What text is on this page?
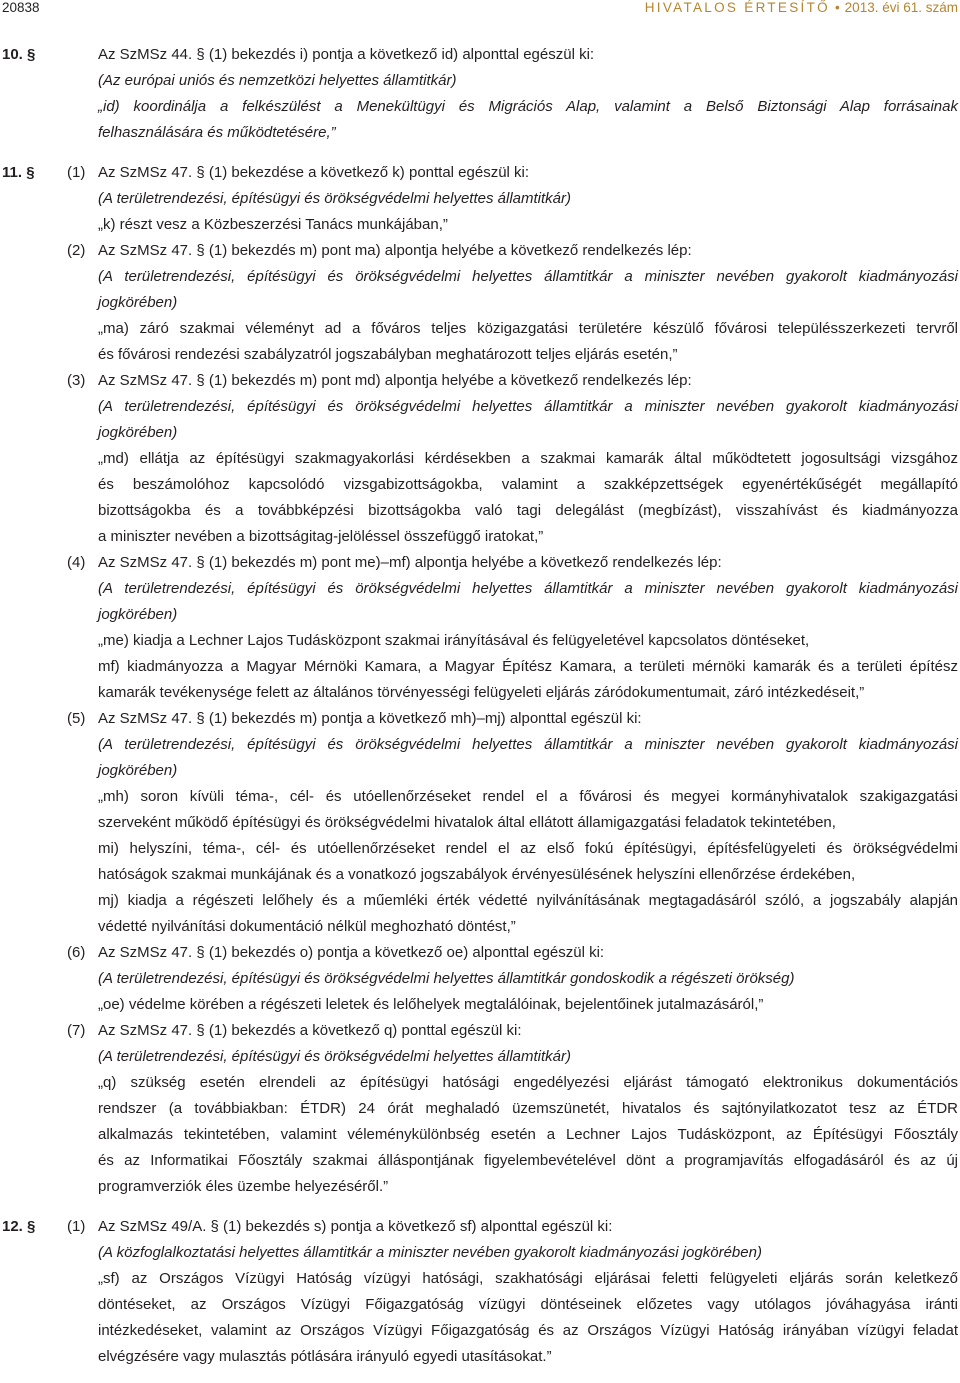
20838	HIVATALOS ÉRTESÍTŐ • 2013. évi 61. szám
10. §	Az SzMSz 44. § (1) bekezdés i) pontja a következő id) alponttal egészül ki:
(Az európai uniós és nemzetközi helyettes államtitkár)
„id) koordinálja a felkészülést a Menekültügyi és Migrációs Alap, valamint a Belső Biztonsági Alap forrásainak
felhasználására és működtetésére,”
11. §	(1) Az SzMSz 47. § (1) bekezdése a következő k) ponttal egészül ki:
(A területrendezési, építésügyi és örökségvédelmi helyettes államtitkár)
„k) részt vesz a Közbeszerzési Tanács munkájában,”
(2) Az SzMSz 47. § (1) bekezdés m) pont ma) alpontja helyébe a következő rendelkezés lép:
(A területrendezési, építésügyi és örökségvédelmi helyettes államtitkár a miniszter nevében gyakorolt kiadmányozási
jogkörében)
„ma) záró szakmai véleményt ad a főváros teljes közigazgatási területére készülő fővárosi településszerkezeti tervről
és fővárosi rendezési szabályzatról jogszabályban meghatározott teljes eljárás esetén,”
(3) Az SzMSz 47. § (1) bekezdés m) pont md) alpontja helyébe a következő rendelkezés lép:
(A területrendezési, építésügyi és örökségvédelmi helyettes államtitkár a miniszter nevében gyakorolt kiadmányozási
jogkörében)
„md) ellátja az építésügyi szakmagyakorlási kérdésekben a szakmai kamarák által működtetett jogosultsági vizsgához
és beszámolóhoz kapcsolódó vizsgabizottságokba, valamint a szakképzettségek egyenértékűségét megállapító
bizottságokba és a továbbképzési bizottságokba való tagi delegálást (megbízást), visszahívást és kiadmányozza
a miniszter nevében a bizottságitag-jelöléssel összefüggő iratokat,”
(4) Az SzMSz 47. § (1) bekezdés m) pont me)–mf) alpontja helyébe a következő rendelkezés lép:
(A területrendezési, építésügyi és örökségvédelmi helyettes államtitkár a miniszter nevében gyakorolt kiadmányozási
jogkörében)
„me) kiadja a Lechner Lajos Tudásközpont szakmai irányításával és felügyeletével kapcsolatos döntéseket,
mf) kiadmányozza a Magyar Mérnöki Kamara, a Magyar Építész Kamara, a területi mérnöki kamarák és a területi építész
kamarák tevékenysége felett az általános törvényességi felügyeleti eljárás záródokumentumait, záró intézkedéseit,”
(5) Az SzMSz 47. § (1) bekezdés m) pontja a következő mh)–mj) alponttal egészül ki:
(A területrendezési, építésügyi és örökségvédelmi helyettes államtitkár a miniszter nevében gyakorolt kiadmányozási
jogkörében)
„mh) soron kívüli téma-, cél- és utóellenőrzéseket rendel el a fővárosi és megyei kormányhivatalok szakigazgatási
szerveként működő építésügyi és örökségvédelmi hivatalok által ellátott államigazgatási feladatok tekintetében,
mi) helyszíni, téma-, cél- és utóellenőrzéseket rendel el az első fokú építésügyi, építésfelügyeleti és örökségvédelmi
hatóságok szakmai munkájának és a vonatkozó jogszabályok érvényesülésének helyszíni ellenőrzése érdekében,
mj) kiadja a régészeti lelőhely és a műemléki érték védetté nyilvánításának megtagadásáról szóló, a jogszabály alapján
védetté nyilvánítási dokumentáció nélkül meghozható döntést,”
(6) Az SzMSz 47. § (1) bekezdés o) pontja a következő oe) alponttal egészül ki:
(A területrendezési, építésügyi és örökségvédelmi helyettes államtitkár gondoskodik a régészeti örökség)
„oe) védelme körében a régészeti leletek és lelőhelyek megtalálóinak, bejelentőinek jutalmazásáról,”
(7) Az SzMSz 47. § (1) bekezdés a következő q) ponttal egészül ki:
(A területrendezési, építésügyi és örökségvédelmi helyettes államtitkár)
„q) szükség esetén elrendeli az építésügyi hatósági engedélyezési eljárást támogató elektronikus dokumentációs
rendszer (a továbbiakban: ÉTDR) 24 órát meghaladó üzemszünetét, hivatalos és sajtónyilatkozatot tesz az ÉTDR
alkalmazás tekintetében, valamint véleménykülönbség esetén a Lechner Lajos Tudásközpont, az Építésügyi Főosztály
és az Informatikai Főosztály szakmai álláspontjának figyelembevételével dönt a programjavítás elfogadásáról és az új
programverziók éles üzembe helyezéséről.”
12. §	(1) Az SzMSz 49/A. § (1) bekezdés s) pontja a következő sf) alponttal egészül ki:
(A közfoglalkoztatási helyettes államtitkár a miniszter nevében gyakorolt kiadmányozási jogkörében)
„sf) az Országos Vízügyi Hatóság vízügyi hatósági, szakhatósági eljárásai feletti felügyeleti eljárás során keletkező
döntéseket, az Országos Vízügyi Főigazgatóság vízügyi döntéseinek előzetes vagy utólagos jóváhagyása iránti
intézkedéseket, valamint az Országos Vízügyi Főigazgatóság és az Országos Vízügyi Hatóság irányában vízügyi feladat
elvégzésére vagy mulasztás pótlására irányuló egyedi utasításokat.”
